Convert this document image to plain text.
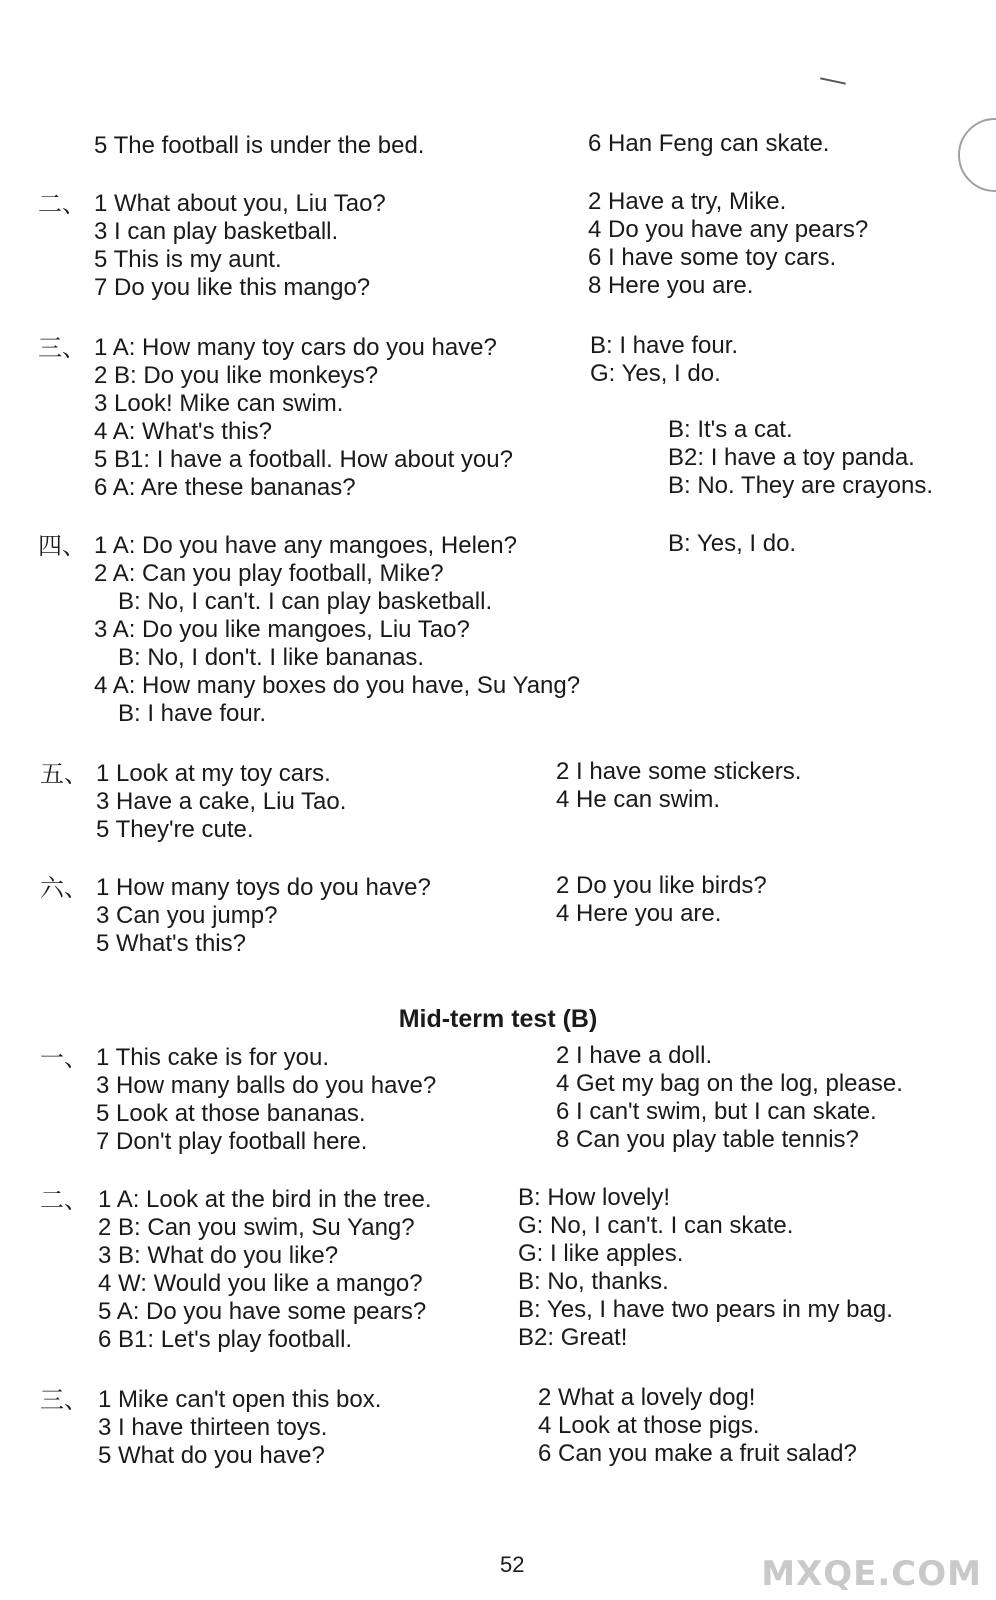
5 The football is under the bed.	6 Han Feng can skate.
二、 1 What about you, Liu Tao?	2 Have a try, Mike.
3 I can play basketball.	4 Do you have any pears?
5 This is my aunt.	6 I have some toy cars.
7 Do you like this mango?	8 Here you are.
三、 1 A: How many toy cars do you have?	B: I have four.
2 B: Do you like monkeys?	G: Yes, I do.
3 Look! Mike can swim.
4 A: What's this?	B: It's a cat.
5 B1: I have a football. How about you?	B2: I have a toy panda.
6 A: Are these bananas?	B: No. They are crayons.
四、 1 A: Do you have any mangoes, Helen?	B: Yes, I do.
2 A: Can you play football, Mike?
B: No, I can't. I can play basketball.
3 A: Do you like mangoes, Liu Tao?
B: No, I don't. I like bananas.
4 A: How many boxes do you have, Su Yang?
B: I have four.
五、 1 Look at my toy cars.	2 I have some stickers.
3 Have a cake, Liu Tao.	4 He can swim.
5 They're cute.
六、 1 How many toys do you have?	2 Do you like birds?
3 Can you jump?	4 Here you are.
5 What's this?
Mid-term test (B)
一、 1 This cake is for you.	2 I have a doll.
3 How many balls do you have?	4 Get my bag on the log, please.
5 Look at those bananas.	6 I can't swim, but I can skate.
7 Don't play football here.	8 Can you play table tennis?
二、 1 A: Look at the bird in the tree.	B: How lovely!
2 B: Can you swim, Su Yang?	G: No, I can't. I can skate.
3 B: What do you like?	G: I like apples.
4 W: Would you like a mango?	B: No, thanks.
5 A: Do you have some pears?	B: Yes, I have two pears in my bag.
6 B1: Let's play football.	B2: Great!
三、 1 Mike can't open this box.	2 What a lovely dog!
3 I have thirteen toys.	4 Look at those pigs.
5 What do you have?	6 Can you make a fruit salad?
52	MXQE.COM
